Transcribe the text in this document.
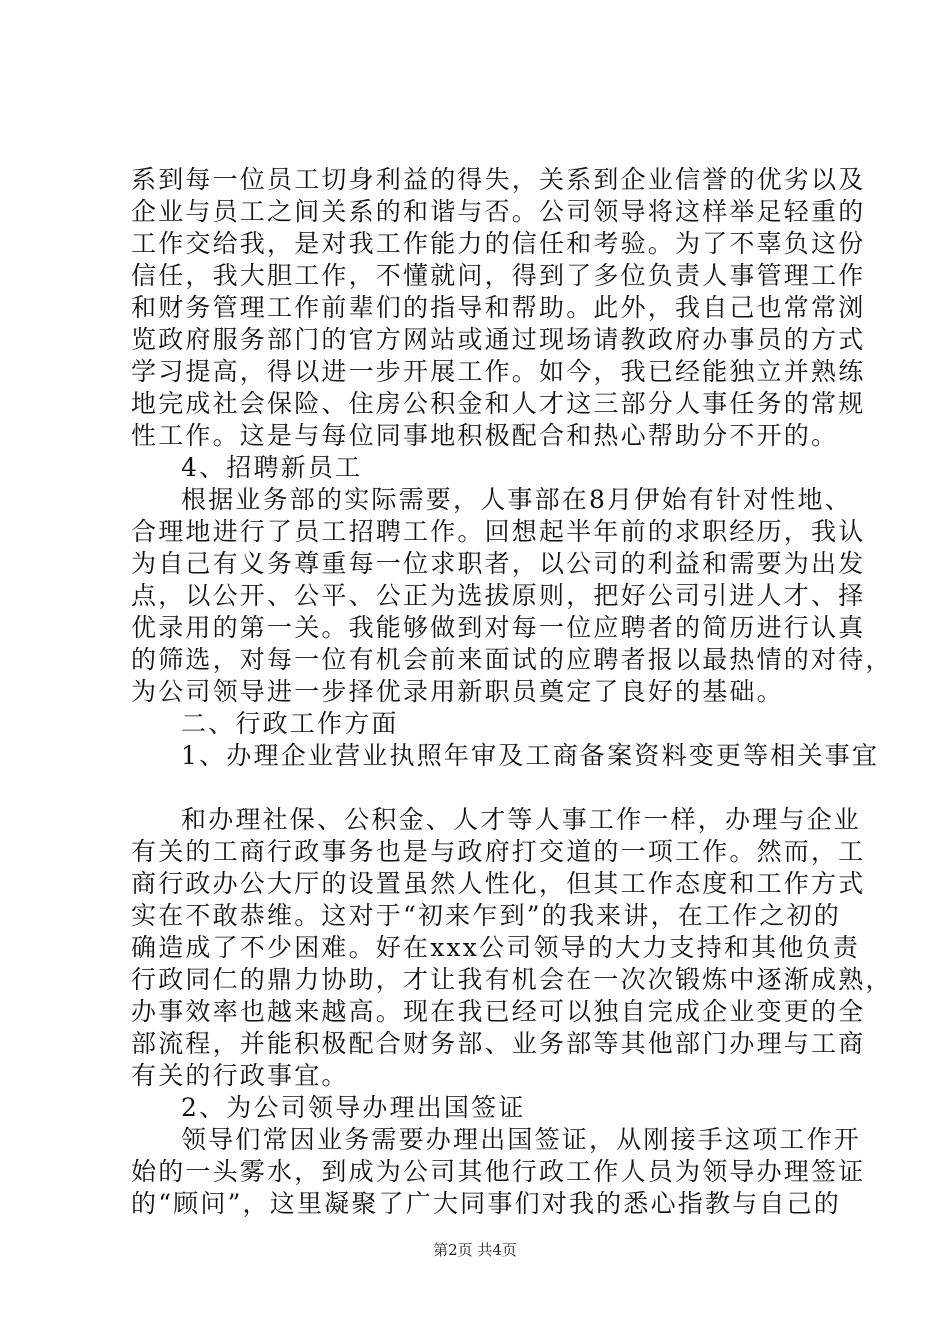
系到每一位员工切身利益的得失，关系到企业信誉的优劣以及
企业与员工之间关系的和谐与否。公司领导将这样举足轻重的
工作交给我，是对我工作能力的信任和考验。为了不辜负这份
信任，我大胆工作，不懂就问，得到了多位负责人事管理工作
和财务管理工作前辈们的指导和帮助。此外，我自己也常常浏
览政府服务部门的官方网站或通过现场请教政府办事员的方式
学习提高，得以进一步开展工作。如今，我已经能独立并熟练
地完成社会保险、住房公积金和人才这三部分人事任务的常规
性工作。这是与每位同事地积极配合和热心帮助分不开的。
4、招聘新员工
根据业务部的实际需要，人事部在8月伊始有针对性地、
合理地进行了员工招聘工作。回想起半年前的求职经历，我认
为自己有义务尊重每一位求职者，以公司的利益和需要为出发
点，以公开、公平、公正为选拔原则，把好公司引进人才、择
优录用的第一关。我能够做到对每一位应聘者的简历进行认真
的筛选，对每一位有机会前来面试的应聘者报以最热情的对待，
为公司领导进一步择优录用新职员奠定了良好的基础。
二、行政工作方面
1、办理企业营业执照年审及工商备案资料变更等相关事宜
和办理社保、公积金、人才等人事工作一样，办理与企业
有关的工商行政事务也是与政府打交道的一项工作。然而，工
商行政办公大厅的设置虽然人性化，但其工作态度和工作方式
实在不敢恭维。这对于“初来乍到”的我来讲，在工作之初的
确造成了不少困难。好在xxx公司领导的大力支持和其他负责
行政同仁的鼎力协助，才让我有机会在一次次锻炼中逐渐成熟，
办事效率也越来越高。现在我已经可以独自完成企业变更的全
部流程，并能积极配合财务部、业务部等其他部门办理与工商
有关的行政事宜。
2、为公司领导办理出国签证
领导们常因业务需要办理出国签证，从刚接手这项工作开
始的一头雾水，到成为公司其他行政工作人员为领导办理签证
的“顾问”，这里凝聚了广大同事们对我的悉心指教与自己的
第2页 共4页
